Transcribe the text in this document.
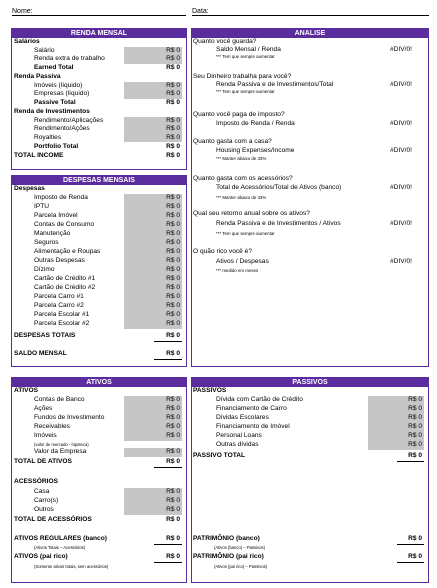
Nome:	Data:
RENDA MENSAL
Salários
Salário	R$ 0
Renda extra de trabalho	R$ 0
Earned Total	R$ 0
Renda Passiva
Imóveis (líquido)	R$ 0
Empresas (líquido)	R$ 0
Passive Total	R$ 0
Renda de Investimentos
Rendimento/Aplicações	R$ 0
Rendimento/Ações	R$ 0
Royalties	R$ 0
Portfolio Total	R$ 0
TOTAL INCOME	R$ 0
DESPESAS MENSAIS
Despesas
Imposto de Renda	R$ 0
IPTU	R$ 0
Parcela Imóvel	R$ 0
Contas de Consumo	R$ 0
Manutenção	R$ 0
Seguros	R$ 0
Alimentação e Roupas	R$ 0
Outras Despesas	R$ 0
Dízimo	R$ 0
Cartão de Crédito #1	R$ 0
Cartão de Crédito #2	R$ 0
Parcela Carro #1	R$ 0
Parcela Carro #2	R$ 0
Parcela Escolar #1	R$ 0
Parcela Escolar #2	R$ 0
DESPESAS TOTAIS	R$ 0
SALDO MENSAL	R$ 0
ANALISE
Quanto você guarda?
Saldo Mensal / Renda	#DIV/0!
*** Tem que sempre aumentar
Seu Dinheiro trabalha para você?
Renda Passiva e de Investimentos/Total	#DIV/0!
*** Tem que sempre aumentar
Quanto você paga de imposto?
Imposto de Renda / Renda	#DIV/0!
Quanto gasta com a casa?
Housing Expenses/Income	#DIV/0!
*** Manter abaixo de 33%
Quanto gasta com os acessórios?
Total de Acessórios/Total de Ativos (banco)	#DIV/0!
*** Manter abaixo de 33%
Qual seu retorno anual sobre os ativos?
Renda Passiva e de Investimentos / Ativos	#DIV/0!
*** Tem que sempre aumentar
O quão rico você é?
Ativos / Despesas	#DIV/0!
*** medido em meses
ATIVOS
ATIVOS
Contas de Banco	R$ 0
Ações	R$ 0
Fundos de Investimento	R$ 0
Receivables	R$ 0
Imóveis	R$ 0
(valor de mercado - hipoteca)
Valor da Empresa	R$ 0
TOTAL DE ATIVOS	R$ 0
ACESSÓRIOS
Casa	R$ 0
Carro(s)	R$ 0
Outros	R$ 0
TOTAL DE ACESSÓRIOS	R$ 0
ATIVOS REGULARES (banco)	R$ 0
(Ativos Totais – Acessórios)
ATIVOS (pai rico)	R$ 0
(Somente ativos totais, sem acessórios)
PASSIVOS
PASSIVOS
Dívida com Cartão de Crédito	R$ 0
Financiamento de Carro	R$ 0
Dívidas Escolares	R$ 0
Financiamento de Imóvel	R$ 0
Personal Loans	R$ 0
Outras dívidas	R$ 0
PASSIVO TOTAL	R$ 0
PATRIMÔNIO (banco)	R$ 0
(Ativos (banco) – Passivos)
PATRIMÔNIO (pai rico)	R$ 0
(Ativos (pai rico) – Passivos)
